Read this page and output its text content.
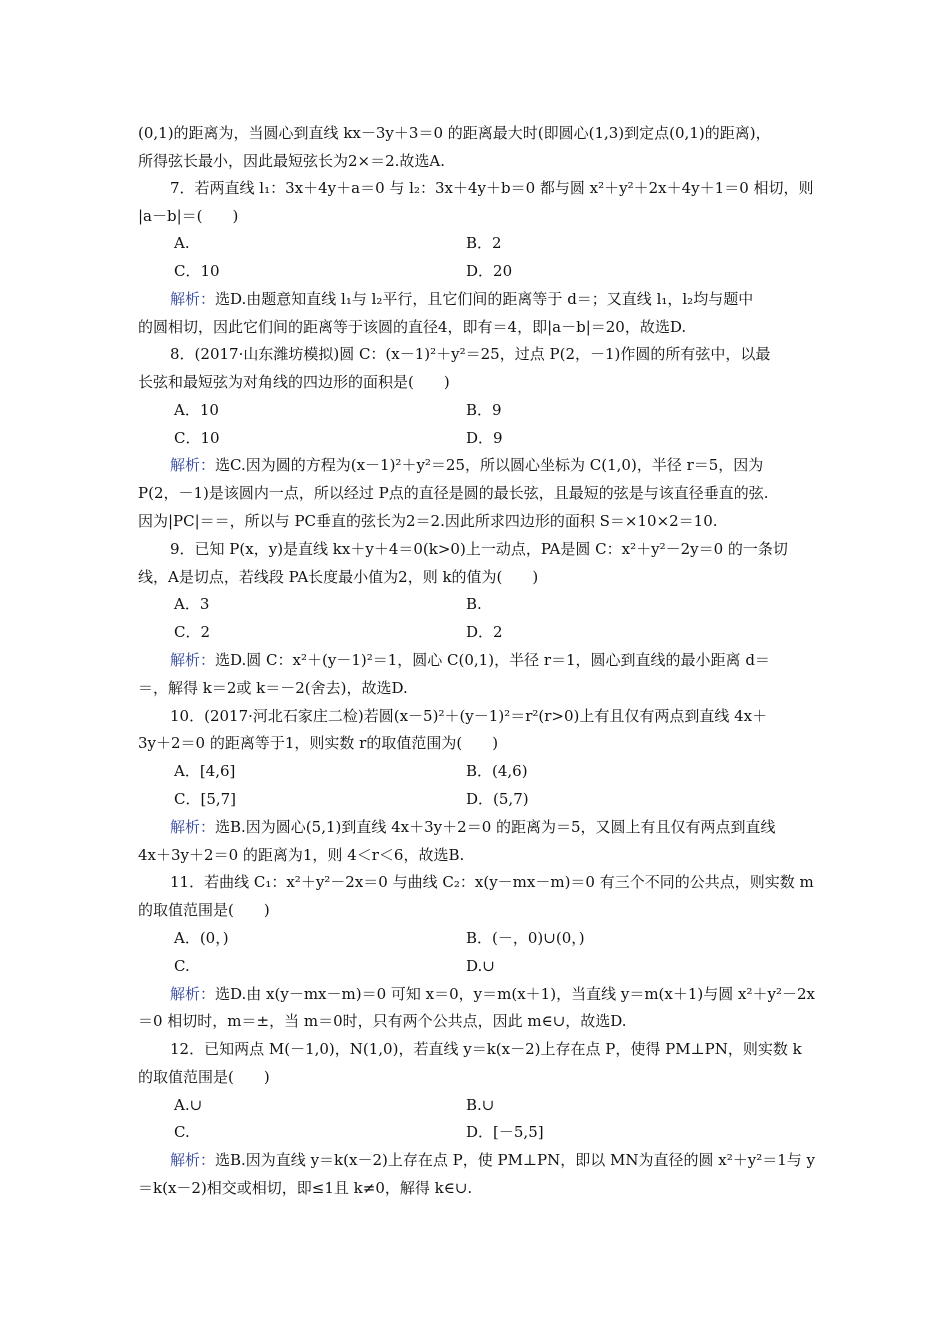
(0,1)的距离为，当圆心到直线 kx－3y＋3＝0 的距离最大时(即圆心(1,3)到定点(0,1)的距离)，
所得弦长最小，因此最短弦长为2×＝2.故选A.
7．若两直线 l₁：3x＋4y＋a＝0 与 l₂：3x＋4y＋b＝0 都与圆 x²＋y²＋2x＋4y＋1＝0 相切，则
|a－b|＝(　　)
A.	B．2
C．10	D．20
解析：选D.由题意知直线 l₁与 l₂平行，且它们间的距离等于 d＝；又直线 l₁，l₂均与题中
的圆相切，因此它们间的距离等于该圆的直径4，即有＝4，即|a－b|＝20，故选D.
8．(2017·山东潍坊模拟)圆 C：(x－1)²＋y²＝25，过点 P(2，－1)作圆的所有弦中，以最
长弦和最短弦为对角线的四边形的面积是(　　)
A．10	B．9
C．10	D．9
解析：选C.因为圆的方程为(x－1)²＋y²＝25，所以圆心坐标为 C(1,0)，半径 r＝5，因为
P(2，－1)是该圆内一点，所以经过 P点的直径是圆的最长弦，且最短的弦是与该直径垂直的弦.
因为|PC|＝＝，所以与 PC垂直的弦长为2＝2.因此所求四边形的面积 S＝×10×2＝10.
9．已知 P(x，y)是直线 kx＋y＋4＝0(k>0)上一动点，PA是圆 C：x²＋y²－2y＝0 的一条切
线，A是切点，若线段 PA长度最小值为2，则 k的值为(　　)
A．3	B.
C．2	D．2
解析：选D.圆 C：x²＋(y－1)²＝1，圆心 C(0,1)，半径 r＝1，圆心到直线的最小距离 d＝
＝，解得 k＝2或 k＝－2(舍去)，故选D.
10．(2017·河北石家庄二检)若圆(x－5)²＋(y－1)²＝r²(r>0)上有且仅有两点到直线 4x＋
3y＋2＝0 的距离等于1，则实数 r的取值范围为(　　)
A．[4,6]	B．(4,6)
C．[5,7]	D．(5,7)
解析：选B.因为圆心(5,1)到直线 4x＋3y＋2＝0 的距离为＝5，又圆上有且仅有两点到直线
4x＋3y＋2＝0 的距离为1，则 4＜r＜6，故选B.
11．若曲线 C₁：x²＋y²－2x＝0 与曲线 C₂：x(y－mx－m)＝0 有三个不同的公共点，则实数 m
的取值范围是(　　)
A．(0，)	B．(－，0)∪(0，)
C.	D.∪
解析：选D.由 x(y－mx－m)＝0 可知 x＝0，y＝m(x＋1)，当直线 y＝m(x＋1)与圆 x²＋y²－2x
＝0 相切时，m＝±，当 m＝0时，只有两个公共点，因此 m∈∪，故选D.
12．已知两点 M(－1,0)，N(1,0)，若直线 y＝k(x－2)上存在点 P，使得 PM⊥PN，则实数 k
的取值范围是(　　)
A.∪	B.∪
C.	D．[－5,5]
解析：选B.因为直线 y＝k(x－2)上存在点 P，使 PM⊥PN，即以 MN为直径的圆 x²＋y²＝1与 y
＝k(x－2)相交或相切，即≤1且 k≠0，解得 k∈∪.
